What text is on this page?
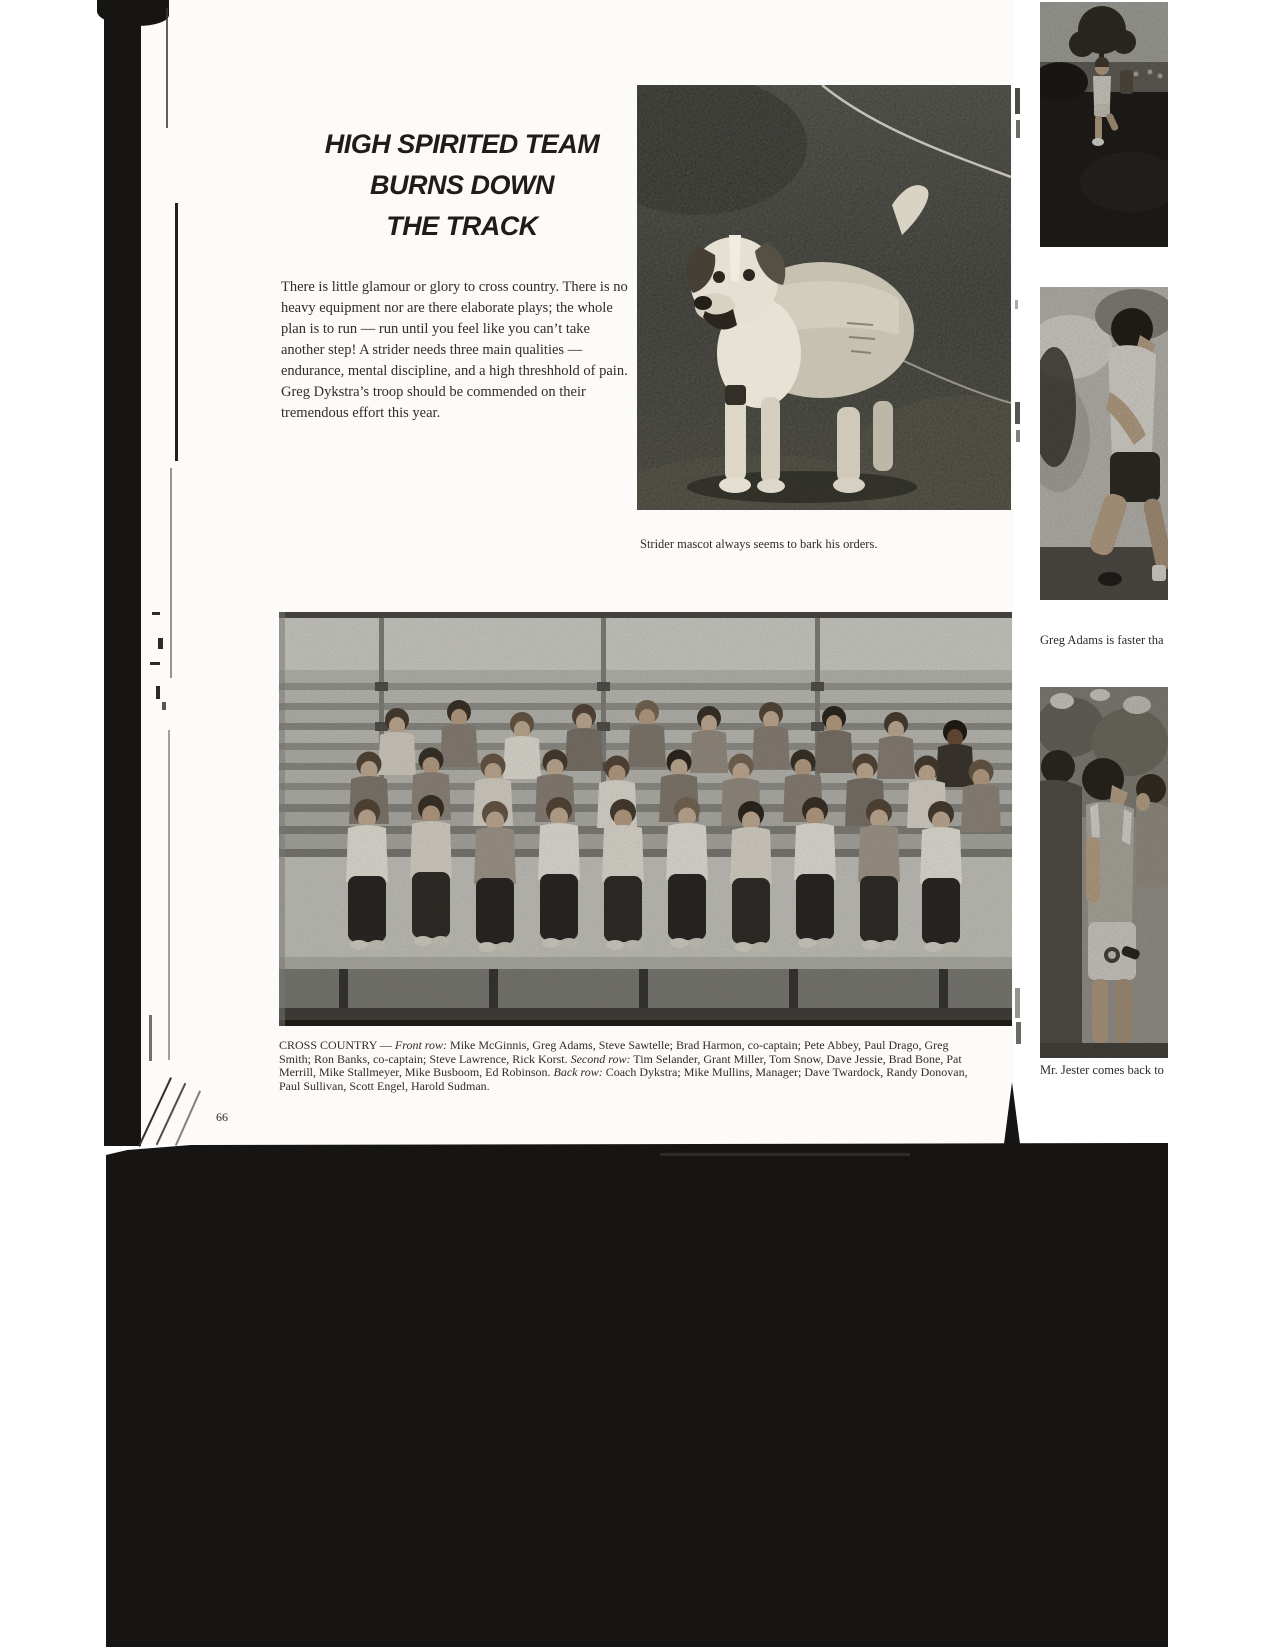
HIGH SPIRITED TEAM
BURNS DOWN
THE TRACK
There is little glamour or glory to cross country. There is no heavy equipment nor are there elaborate plays; the whole plan is to run — run until you feel like you can’t take another step! A strider needs three main qualities — endurance, mental discipline, and a high threshhold of pain. Greg Dykstra’s troop should be commended on their tremendous effort this year.
Strider mascot always seems to bark his orders.
CROSS COUNTRY — Front row: Mike McGinnis, Greg Adams, Steve Sawtelle; Brad Harmon, co-captain; Pete Abbey, Paul Drago, Greg Smith; Ron Banks, co-captain; Steve Lawrence, Rick Korst. Second row: Tim Selander, Grant Miller, Tom Snow, Dave Jessie, Brad Bone, Pat Merrill, Mike Stallmeyer, Mike Busboom, Ed Robinson. Back row: Coach Dykstra; Mike Mullins, Manager; Dave Twardock, Randy Donovan, Paul Sullivan, Scott Engel, Harold Sudman.
66
Greg Adams is faster tha
Mr. Jester comes back to
